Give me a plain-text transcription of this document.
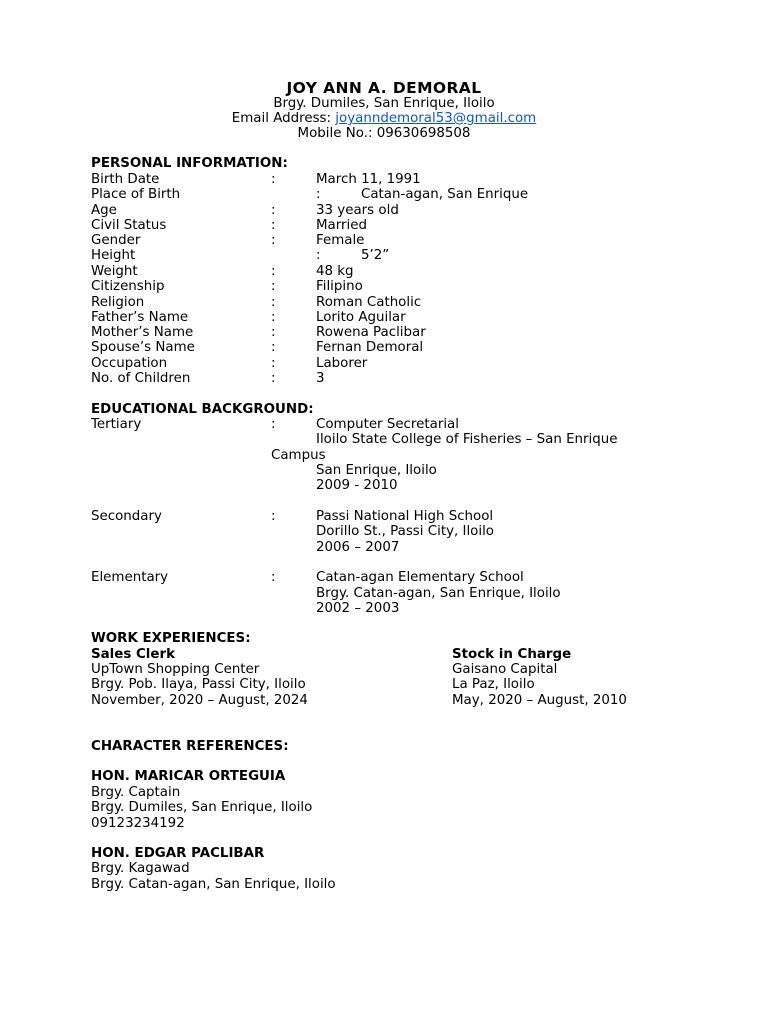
JOY ANN A. DEMORAL
Brgy. Dumiles, San Enrique, Iloilo
Email Address: joyanndemoral53@gmail.com
Mobile No.: 09630698508
PERSONAL INFORMATION:
Birth Date	:	March 11, 1991
Place of Birth	:	Catan-agan, San Enrique
Age	:	33 years old
Civil Status	:	Married
Gender	:	Female
Height	:	5’2”
Weight	:	48 kg
Citizenship	:	Filipino
Religion	:	Roman Catholic
Father’s Name	:	Lorito Aguilar
Mother’s Name	:	Rowena Paclibar
Spouse’s Name	:	Fernan Demoral
Occupation	:	Laborer
No. of Children	:	3
EDUCATIONAL BACKGROUND:
Tertiary	:	Computer Secretarial
Iloilo State College of Fisheries – San Enrique
Campus
San Enrique, Iloilo
2009 - 2010
Secondary	:	Passi National High School
Dorillo St., Passi City, Iloilo
2006 – 2007
Elementary	:	Catan-agan Elementary School
Brgy. Catan-agan, San Enrique, Iloilo
2002 – 2003
WORK EXPERIENCES:
Sales Clerk
UpTown Shopping Center
Brgy. Pob. Ilaya, Passi City, Iloilo
November, 2020 – August, 2024
Stock in Charge
Gaisano Capital
La Paz, Iloilo
May, 2020 – August, 2010
CHARACTER REFERENCES:
HON. MARICAR ORTEGUIA
Brgy. Captain
Brgy. Dumiles, San Enrique, Iloilo
09123234192
HON. EDGAR PACLIBAR
Brgy. Kagawad
Brgy. Catan-agan, San Enrique, Iloilo
